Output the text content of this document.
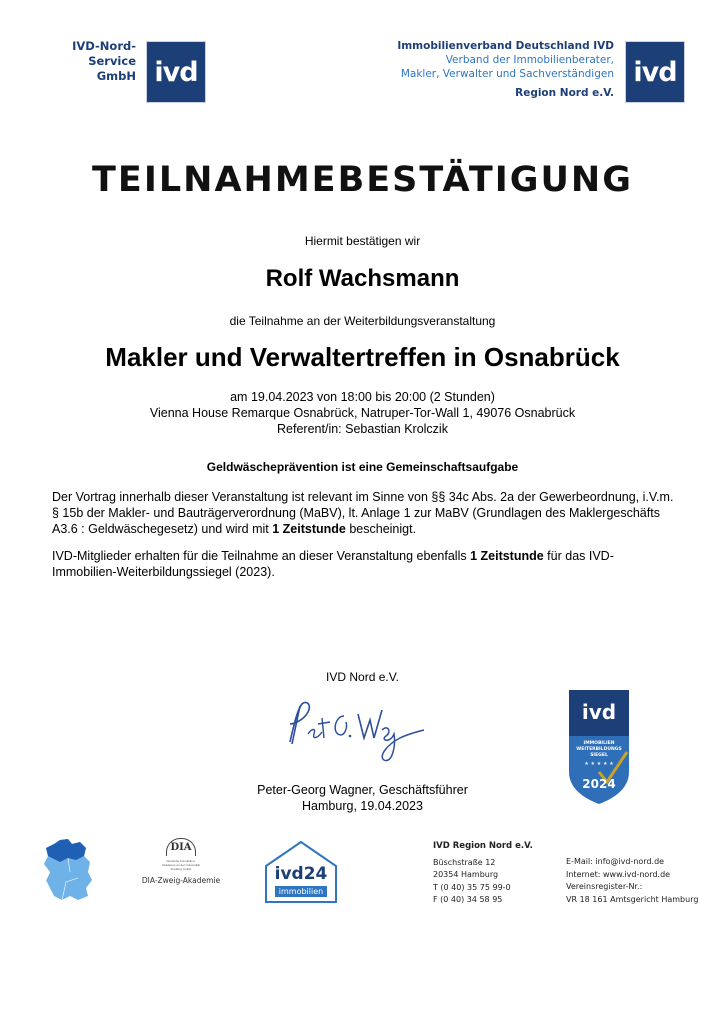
IVD-Nord-Service
GmbH ivd
Immobilienverband Deutschland IVD
Verband der Immobilienberater,
Makler, Verwalter und Sachverständigen
Region Nord e.V.
ivd
TEILNAHMEBESTÄTIGUNG
Hiermit bestätigen wir
Rolf Wachsmann
die Teilnahme an der Weiterbildungsveranstaltung
Makler und Verwaltertreffen in Osnabrück
am 19.04.2023 von 18:00 bis 20:00 (2 Stunden)
Vienna House Remarque Osnabrück, Natruper-Tor-Wall 1, 49076 Osnabrück
Referent/in: Sebastian Krolczik
Geldwäscheprävention ist eine Gemeinschaftsaufgabe
Der Vortrag innerhalb dieser Veranstaltung ist relevant im Sinne von §§ 34c Abs. 2a der Gewerbeordnung, i.V.m. § 15b der Makler- und Bauträgerverordnung (MaBV), lt. Anlage 1 zur MaBV (Grundlagen des Maklergeschäfts A3.6 : Geldwäschegesetz) und wird mit 1 Zeitstunde bescheinigt.
IVD-Mitglieder erhalten für die Teilnahme an dieser Veranstaltung ebenfalls 1 Zeitstunde für das IVD-Immobilien-Weiterbildungssiegel (2023).
IVD Nord e.V.
Peter-Georg Wagner, Geschäftsführer
Hamburg, 19.04.2023
ivd
IMMOBILIEN
WEITERBILDUNGS
SIEGEL
★ ★ ★ ★ ★
2024
DIA
Deutsche Immobilien-Akademie an der Universität Freiburg GmbH
DIA-Zweig-Akademie	ivd24
immobilien
IVD Region Nord e.V.
Büschstraße 12
20354 Hamburg
T (0 40) 35 75 99-0
F (0 40) 34 58 95
E-Mail: info@ivd-nord.de
Internet: www.ivd-nord.de
Vereinsregister-Nr.:
VR 18 161 Amtsgericht Hamburg
